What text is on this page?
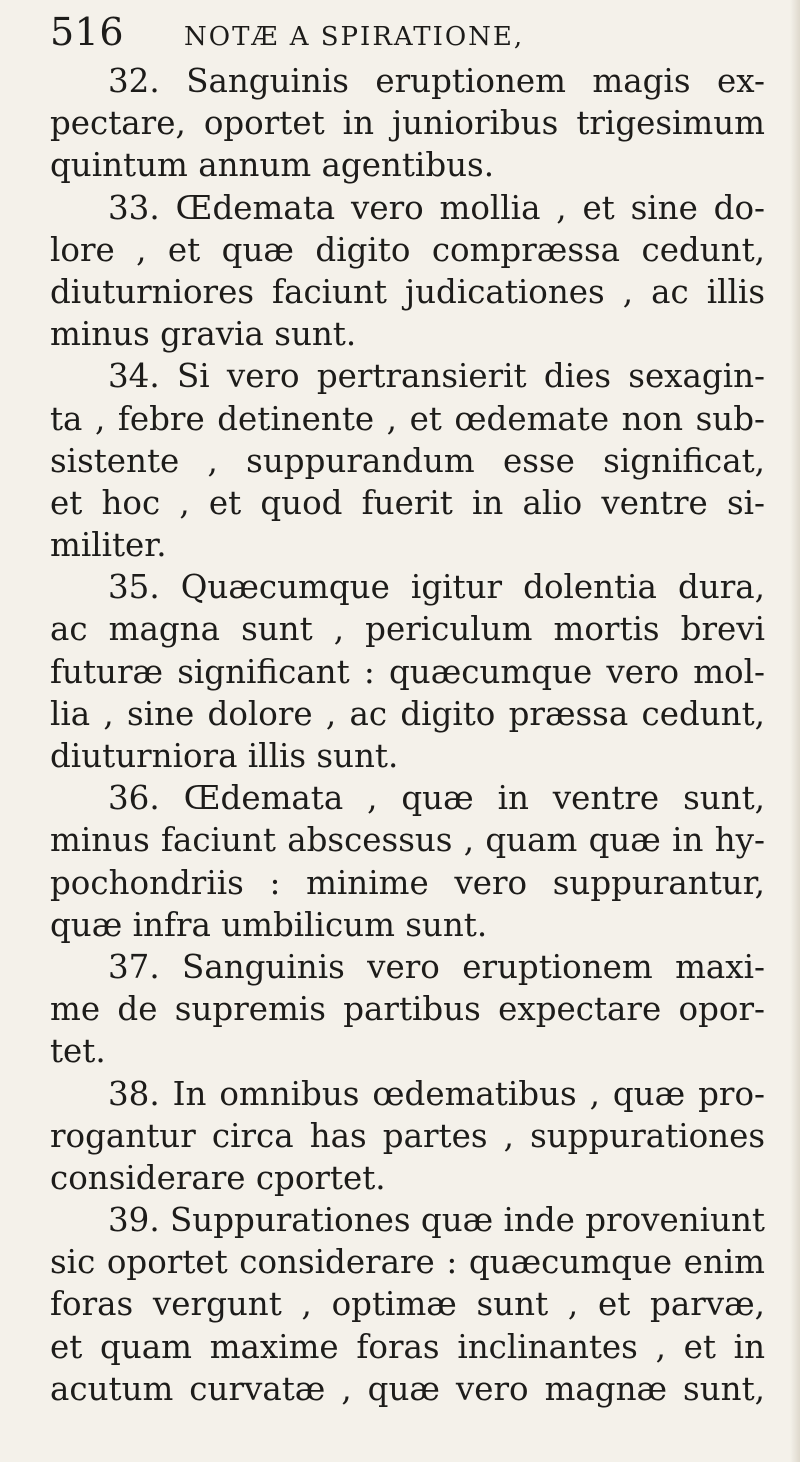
516	NOTÆ A SPIRATIONE,
32. Sanguinis eruptionem magis ex-
pectare, oportet in junioribus trigesimum
quintum annum agentibus.
33. Œdemata vero mollia , et sine do-
lore , et quæ digito compræssa cedunt,
diuturniores faciunt judicationes , ac illis
minus gravia sunt.
34. Si vero pertransierit dies sexagin-
ta , febre detinente , et œdemate non sub-
sistente , suppurandum esse significat,
et hoc , et quod fuerit in alio ventre si-
militer.
35. Quæcumque igitur dolentia dura,
ac magna sunt , periculum mortis brevi
futuræ significant : quæcumque vero mol-
lia , sine dolore , ac digito præssa cedunt,
diuturniora illis sunt.
36. Œdemata , quæ in ventre sunt,
minus faciunt abscessus , quam quæ in hy-
pochondriis : minime vero suppurantur,
quæ infra umbilicum sunt.
37. Sanguinis vero eruptionem maxi-
me de supremis partibus expectare opor-
tet.
38. In omnibus œdematibus , quæ pro-
rogantur circa has partes , suppurationes
considerare cportet.
39. Suppurationes quæ inde proveniunt
sic oportet considerare : quæcumque enim
foras vergunt , optimæ sunt , et parvæ,
et quam maxime foras inclinantes , et in
acutum curvatæ , quæ vero magnæ sunt,
